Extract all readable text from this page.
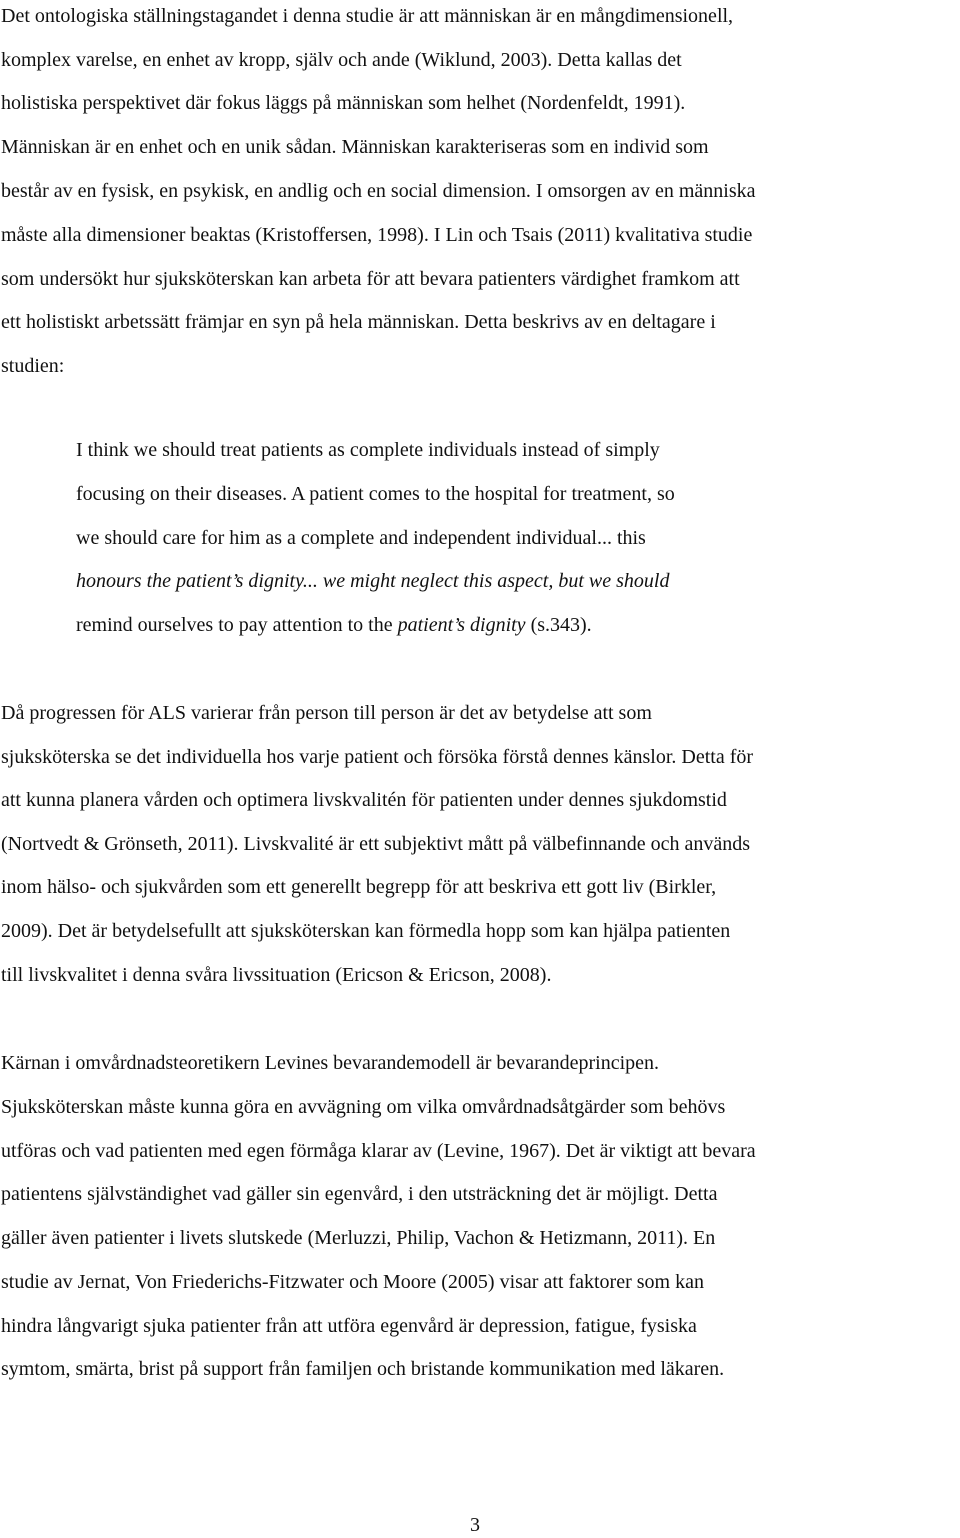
Det ontologiska ställningstagandet i denna studie är att människan är en mångdimensionell,
komplex varelse, en enhet av kropp, själv och ande (Wiklund, 2003). Detta kallas det
holistiska perspektivet där fokus läggs på människan som helhet (Nordenfeldt, 1991).
Människan är en enhet och en unik sådan. Människan karakteriseras som en individ som
består av en fysisk, en psykisk, en andlig och en social dimension. I omsorgen av en människa
måste alla dimensioner beaktas (Kristoffersen, 1998). I Lin och Tsais (2011) kvalitativa studie
som undersökt hur sjuksköterskan kan arbeta för att bevara patienters värdighet framkom att
ett holistiskt arbetssätt främjar en syn på hela människan. Detta beskrivs av en deltagare i
studien:
I think we should treat patients as complete individuals instead of simply
focusing on their diseases. A patient comes to the hospital for treatment, so
we should care for him as a complete and independent individual... this
honours the patient’s dignity... we might neglect this aspect, but we should
remind ourselves to pay attention to the patient’s dignity (s.343).
Då progressen för ALS varierar från person till person är det av betydelse att som
sjuksköterska se det individuella hos varje patient och försöka förstå dennes känslor. Detta för
att kunna planera vården och optimera livskvalitén för patienten under dennes sjukdomstid
(Nortvedt & Grönseth, 2011). Livskvalité är ett subjektivt mått på välbefinnande och används
inom hälso- och sjukvården som ett generellt begrepp för att beskriva ett gott liv (Birkler,
2009). Det är betydelsefullt att sjuksköterskan kan förmedla hopp som kan hjälpa patienten
till livskvalitet i denna svåra livssituation (Ericson & Ericson, 2008).
Kärnan i omvårdnadsteoretikern Levines bevarandemodell är bevarandeprincipen.
Sjuksköterskan måste kunna göra en avvägning om vilka omvårdnadsåtgärder som behövs
utföras och vad patienten med egen förmåga klarar av (Levine, 1967). Det är viktigt att bevara
patientens självständighet vad gäller sin egenvård, i den utsträckning det är möjligt. Detta
gäller även patienter i livets slutskede (Merluzzi, Philip, Vachon & Hetizmann, 2011). En
studie av Jernat, Von Friederichs-Fitzwater och Moore (2005) visar att faktorer som kan
hindra långvarigt sjuka patienter från att utföra egenvård är depression, fatigue, fysiska
symtom, smärta, brist på support från familjen och bristande kommunikation med läkaren.
3
